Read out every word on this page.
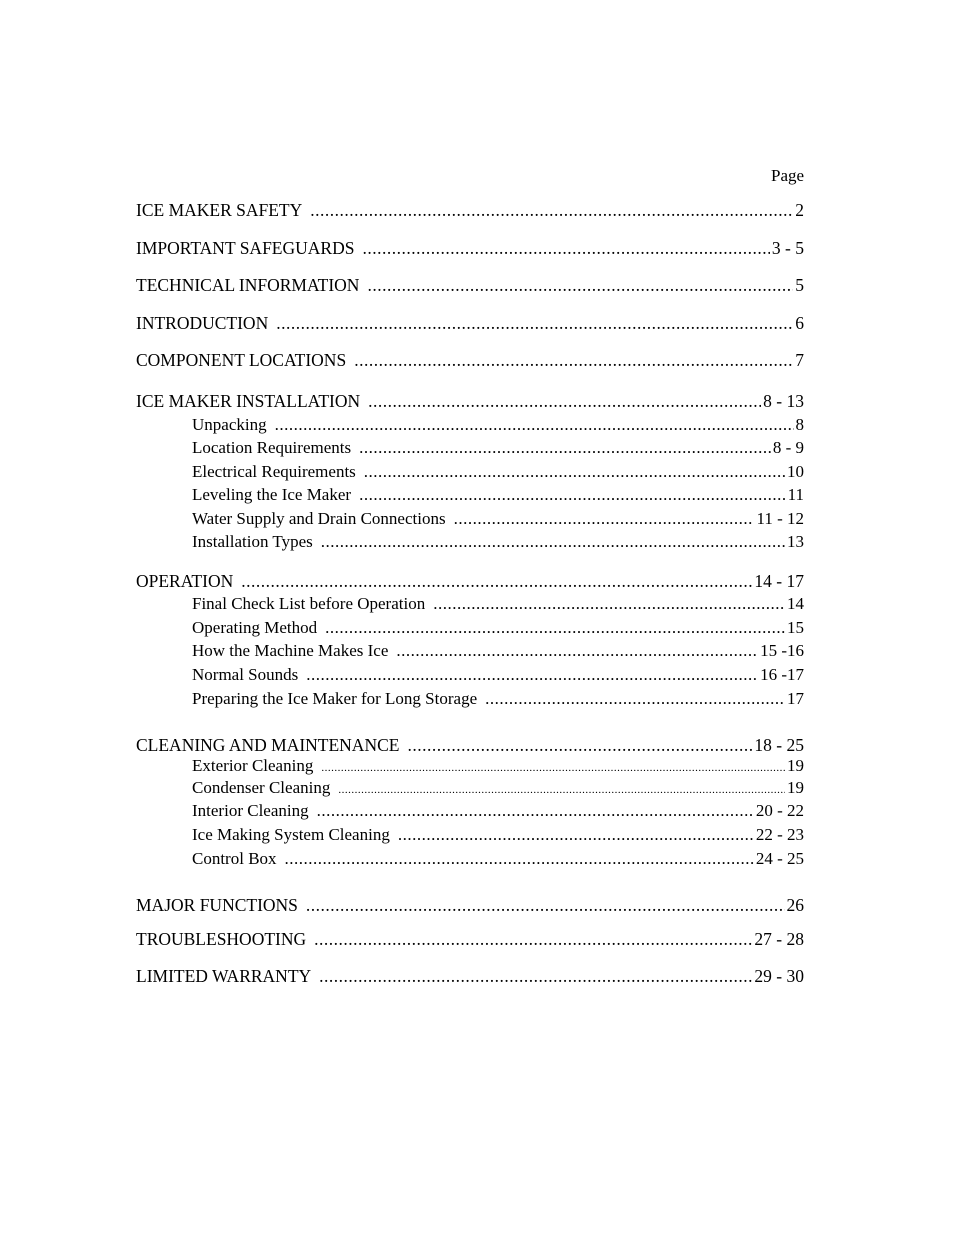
Page
ICE MAKER SAFETY .....	2
IMPORTANT SAFEGUARDS .....	3 - 5
TECHNICAL INFORMATION .....	5
INTRODUCTION .....	6
COMPONENT LOCATIONS .....	7
ICE MAKER INSTALLATION .....	8 - 13
Unpacking .....	8
Location Requirements .....	8 - 9
Electrical Requirements .....	10
Leveling the Ice Maker .....	11
Water Supply and Drain Connections .....	11 - 12
Installation Types .....	13
OPERATION .....	14 - 17
Final Check List before Operation .....	14
Operating Method .....	15
How the Machine Makes Ice .....	15 -16
Normal Sounds .....	16 -17
Preparing the Ice Maker for Long Storage .....	17
CLEANING AND MAINTENANCE .....	18 - 25
Exterior Cleaning .....	19
Condenser Cleaning .....	19
Interior Cleaning .....	20 - 22
Ice Making System Cleaning .....	22 - 23
Control Box .....	24 - 25
MAJOR FUNCTIONS .....	26
TROUBLESHOOTING .....	27 - 28
LIMITED WARRANTY .....	29 - 30
